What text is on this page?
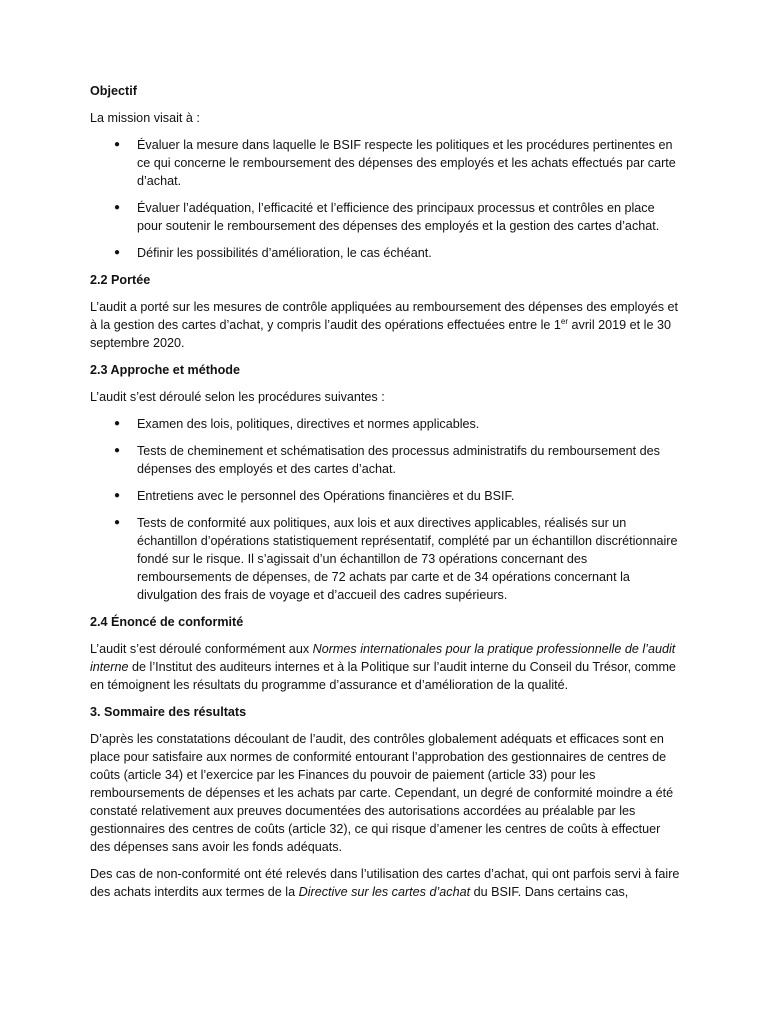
Objectif

La mission visait à :

● Évaluer la mesure dans laquelle le BSIF respecte les politiques et les procédures pertinentes en ce qui concerne le remboursement des dépenses des employés et les achats effectués par carte d’achat.
● Évaluer l’adéquation, l’efficacité et l’efficience des principaux processus et contrôles en place pour soutenir le remboursement des dépenses des employés et la gestion des cartes d’achat.
● Définir les possibilités d’amélioration, le cas échéant.
2.2 Portée

L’audit a porté sur les mesures de contrôle appliquées au remboursement des dépenses des employés et à la gestion des cartes d’achat, y compris l’audit des opérations effectuées entre le 1er avril 2019 et le 30 septembre 2020.

2.3 Approche et méthode

L’audit s’est déroulé selon les procédures suivantes :

● Examen des lois, politiques, directives et normes applicables.
● Tests de cheminement et schématisation des processus administratifs du remboursement des dépenses des employés et des cartes d’achat.
● Entretiens avec le personnel des Opérations financières et du BSIF.
● Tests de conformité aux politiques, aux lois et aux directives applicables, réalisés sur un échantillon d’opérations statistiquement représentatif, complété par un échantillon discrétionnaire fondé sur le risque. Il s’agissait d’un échantillon de 73 opérations concernant des remboursements de dépenses, de 72 achats par carte et de 34 opérations concernant la divulgation des frais de voyage et d’accueil des cadres supérieurs.
2.4 Énoncé de conformité

L’audit s’est déroulé conformément aux Normes internationales pour la pratique professionnelle de l’audit interne de l’Institut des auditeurs internes et à la Politique sur l’audit interne du Conseil du Trésor, comme en témoignent les résultats du programme d’assurance et d’amélioration de la qualité.

3. Sommaire des résultats

D’après les constatations découlant de l’audit, des contrôles globalement adéquats et efficaces sont en place pour satisfaire aux normes de conformité entourant l’approbation des gestionnaires de centres de coûts (article 34) et l’exercice par les Finances du pouvoir de paiement (article 33) pour les remboursements de dépenses et les achats par carte. Cependant, un degré de conformité moindre a été constaté relativement aux preuves documentées des autorisations accordées au préalable par les gestionnaires des centres de coûts (article 32), ce qui risque d’amener les centres de coûts à effectuer des dépenses sans avoir les fonds adéquats.

Des cas de non-conformité ont été relevés dans l’utilisation des cartes d’achat, qui ont parfois servi à faire des achats interdits aux termes de la Directive sur les cartes d’achat du BSIF. Dans certains cas,
